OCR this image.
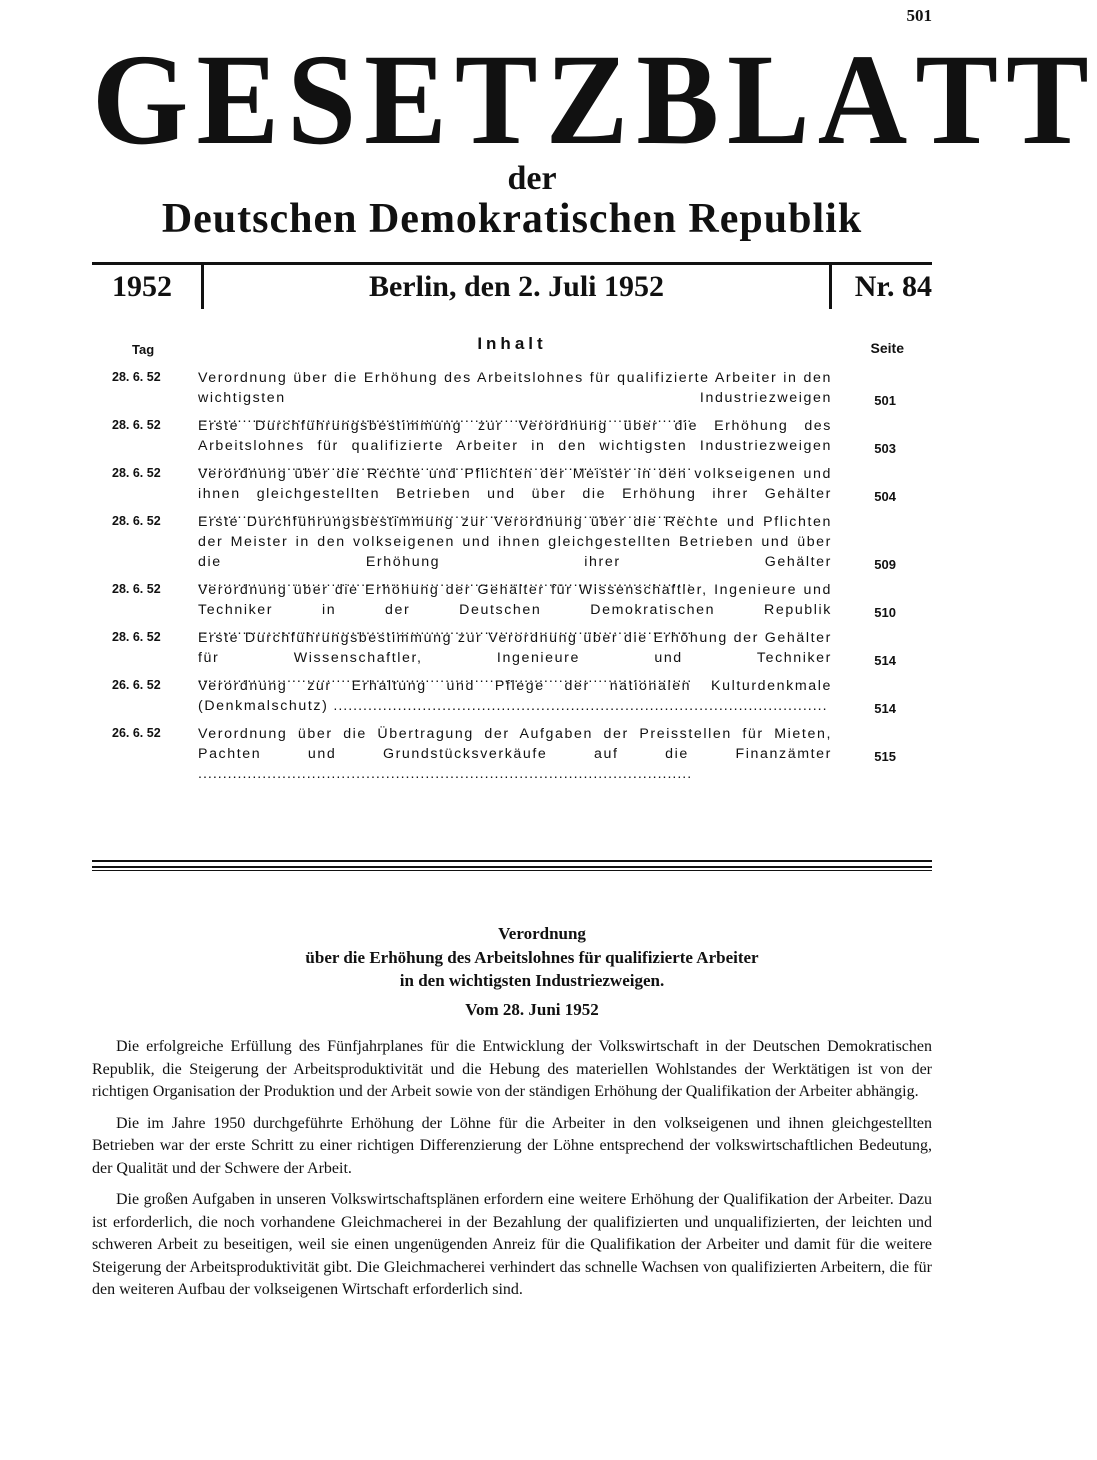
501
G E S E T Z B L A T T
der
Deutschen Demokratischen Republik
1952	Berlin, den 2. Juli 1952	Nr. 84
Tag	Inhalt	Seite
28. 6. 52	Verordnung über die Erhöhung des Arbeitslohnes für qualifizierte Arbeiter in den wichtigsten Industriezweigen .....	501
28. 6. 52	Erste Durchführungsbestimmung zur Verordnung über die Erhöhung des Arbeitslohnes für qualifizierte Arbeiter in den wichtigsten Industriezweigen .....	503
28. 6. 52	Verordnung über die Rechte und Pflichten der Meister in den volkseigenen und ihnen gleichgestellten Betrieben und über die Erhöhung ihrer Gehälter .....	504
28. 6. 52	Erste Durchführungsbestimmung zur Verordnung über die Rechte und Pflichten der Meister in den volkseigenen und ihnen gleichgestellten Betrieben und über die Erhöhung ihrer Gehälter .....	509
28. 6. 52	Verordnung über die Erhöhung der Gehälter für Wissenschaftler, Ingenieure und Techniker in der Deutschen Demokratischen Republik .....	510
28. 6. 52	Erste Durchführungsbestimmung zur Verordnung über die Erhöhung der Gehälter für Wissenschaftler, Ingenieure und Techniker .....	514
26. 6. 52	Verordnung zur Erhaltung und Pflege der nationalen Kulturdenkmale (Denkmalschutz) .....	514
26. 6. 52	Verordnung über die Übertragung der Aufgaben der Preisstellen für Mieten, Pachten und Grundstücksverkäufe auf die Finanzämter .....	515
Verordnung
über die Erhöhung des Arbeitslohnes für qualifizierte Arbeiter
in den wichtigsten Industriezweigen.
Vom 28. Juni 1952

Die erfolgreiche Erfüllung des Fünfjahrplanes für die Entwicklung der Volkswirtschaft in der Deutschen Demokratischen Republik, die Steigerung der Arbeitsproduktivität und die Hebung des materiellen Wohlstandes der Werktätigen ist von der richtigen Organisation der Produktion und der Arbeit sowie von der ständigen Erhöhung der Qualifikation der Arbeiter abhängig.

Die im Jahre 1950 durchgeführte Erhöhung der Löhne für die Arbeiter in den volkseigenen und ihnen gleichgestellten Betrieben war der erste Schritt zu einer richtigen Differenzierung der Löhne entsprechend der volkswirtschaftlichen Bedeutung, der Qualität und der Schwere der Arbeit.

Die großen Aufgaben in unseren Volkswirtschaftsplänen erfordern eine weitere Erhöhung der Qualifikation der Arbeiter. Dazu ist erforderlich, die noch vorhandene Gleichmacherei in der Bezahlung der qualifizierten und unqualifizierten, der leichten und schweren Arbeit zu beseitigen, weil sie einen ungenügenden Anreiz für die Qualifikation der Arbeiter und damit für die weitere Steigerung der Arbeitsproduktivität gibt. Die Gleichmacherei verhindert das schnelle Wachsen von qualifizierten Arbeitern, die für den weiteren Aufbau der volkseigenen Wirtschaft erforderlich sind.
